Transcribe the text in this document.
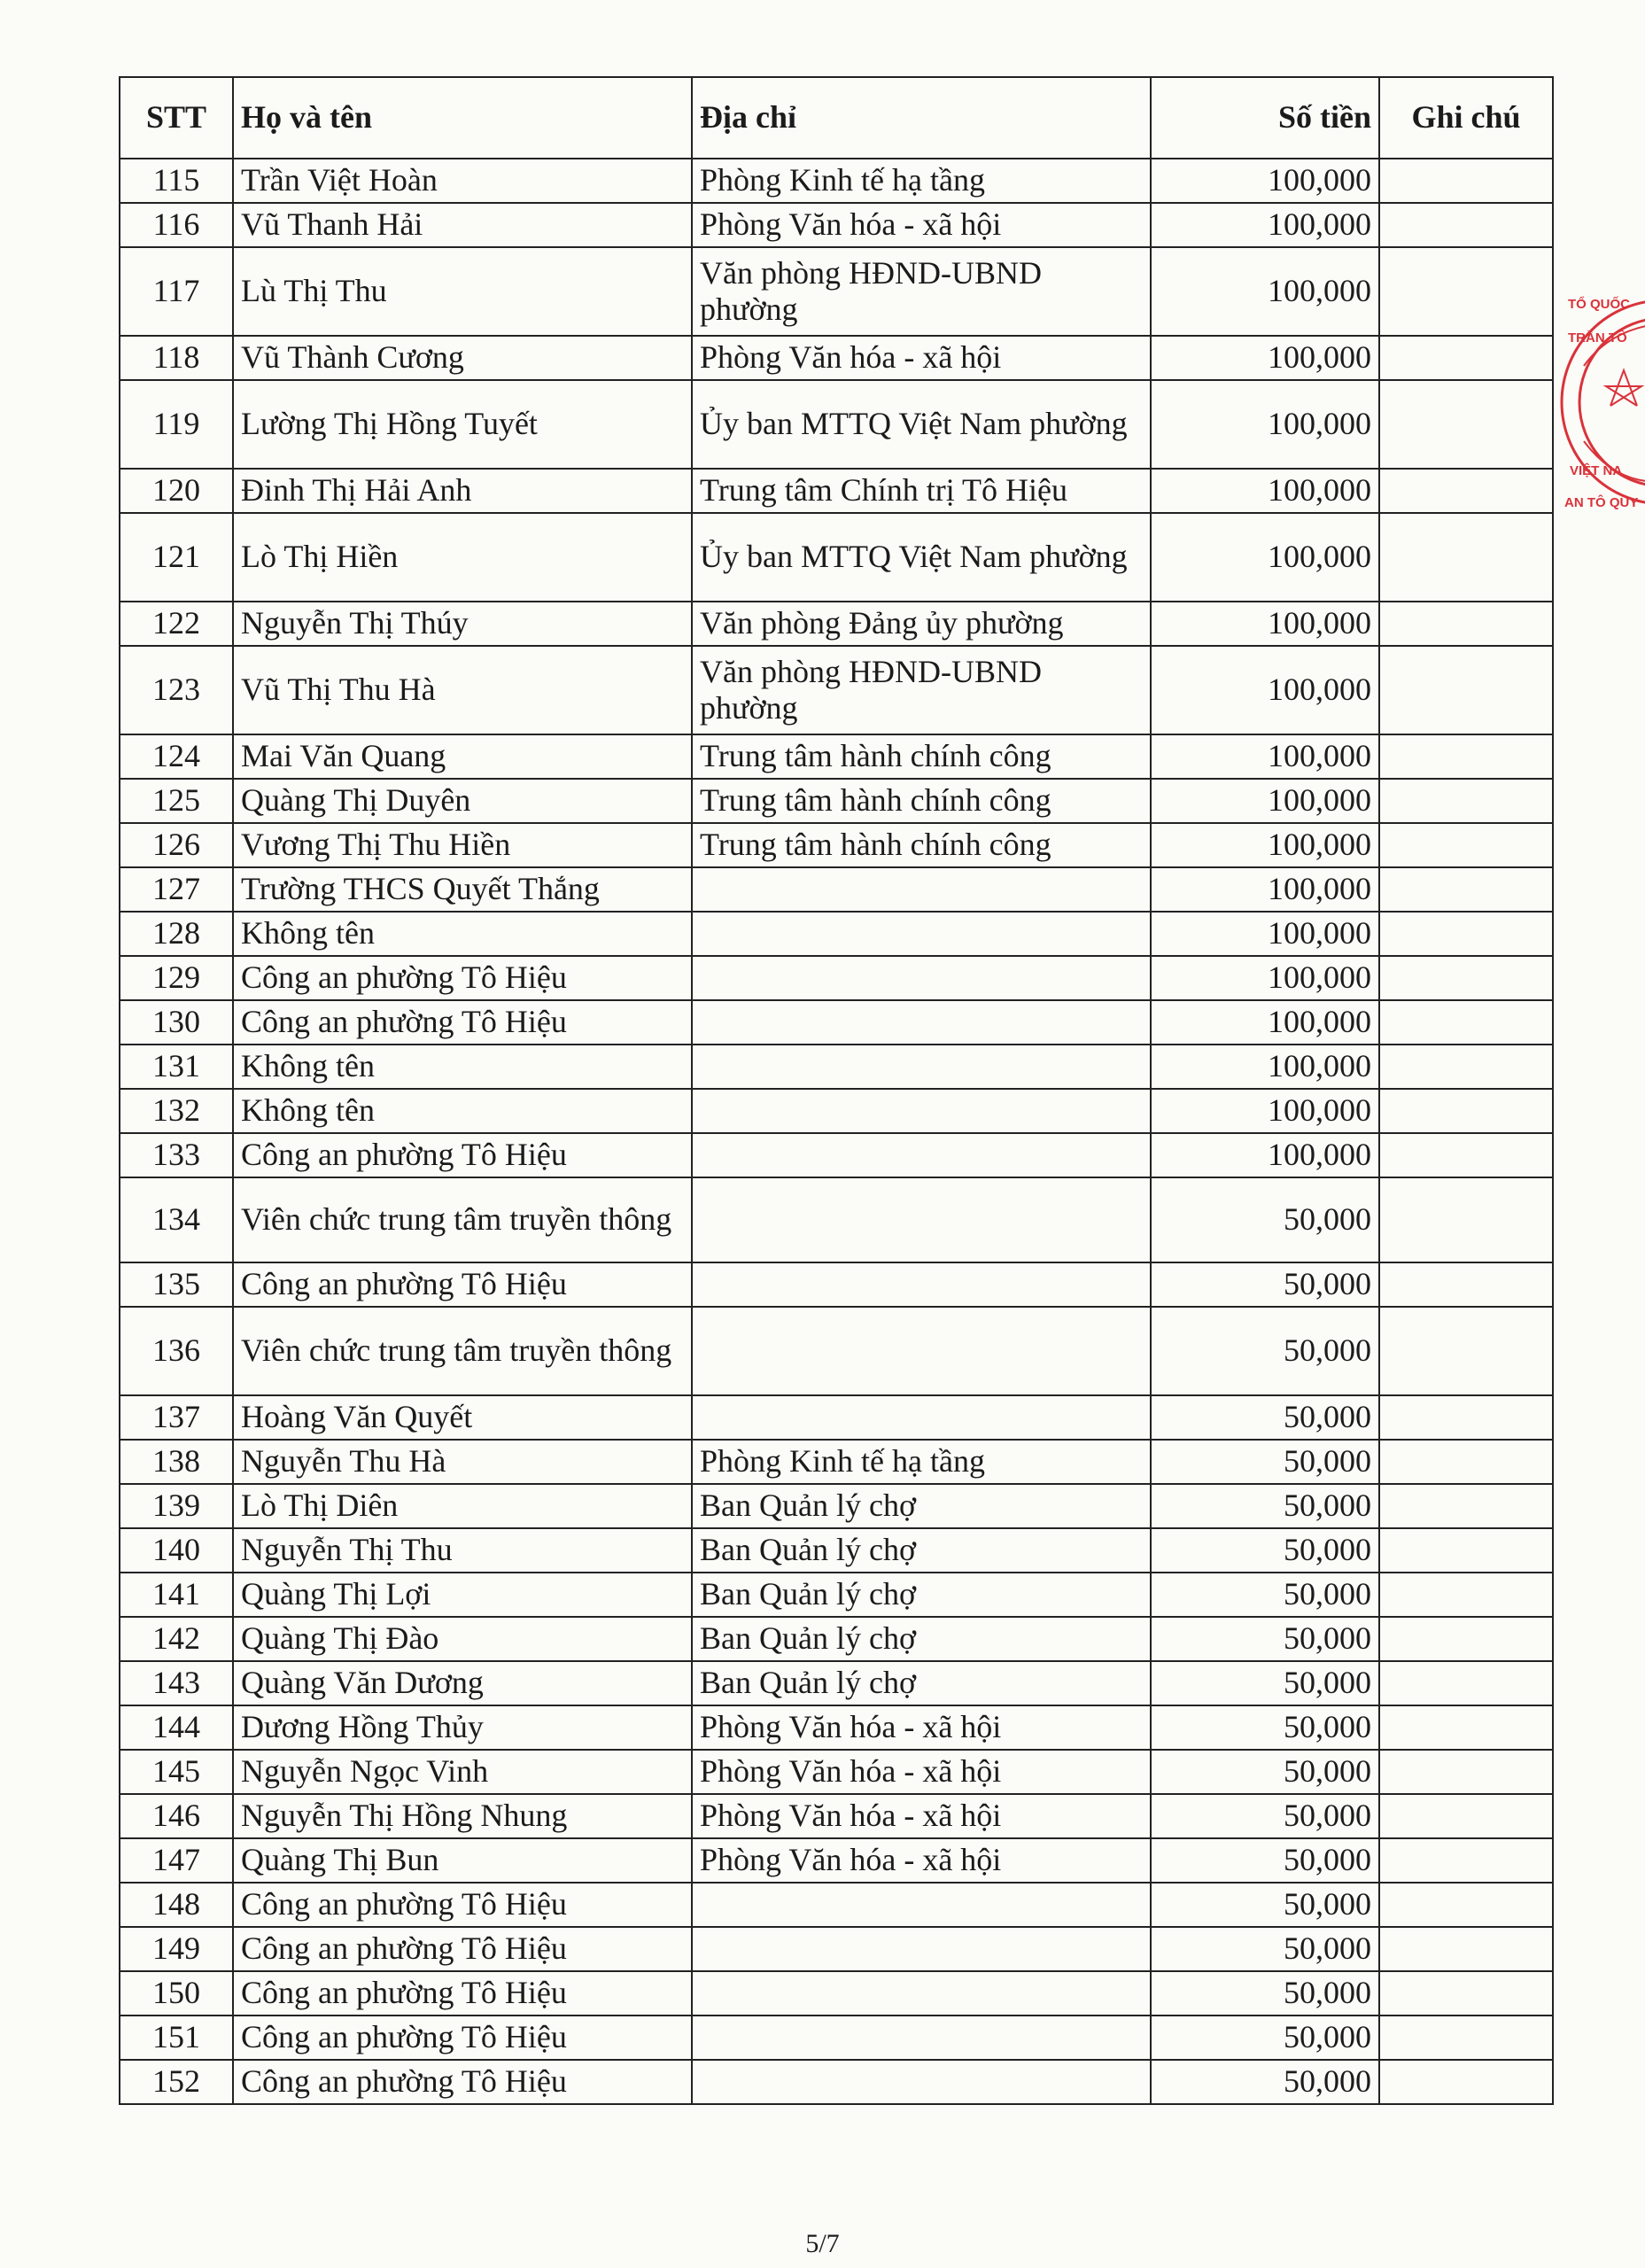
STT	Họ và tên	Địa chỉ	Số tiền	Ghi chú
115	Trần Việt Hoàn	Phòng Kinh tế hạ tầng	100,000	
116	Vũ Thanh Hải	Phòng Văn hóa - xã hội	100,000	
117	Lù Thị Thu	Văn phòng HĐND-UBND phường	100,000	
118	Vũ Thành Cương	Phòng Văn hóa - xã hội	100,000	
119	Lường Thị Hồng Tuyết	Ủy ban MTTQ Việt Nam phường	100,000	
120	Đinh Thị Hải Anh	Trung tâm Chính trị Tô Hiệu	100,000	
121	Lò Thị Hiền	Ủy ban MTTQ Việt Nam phường	100,000	
122	Nguyễn Thị Thúy	Văn phòng Đảng ủy phường	100,000	
123	Vũ Thị Thu Hà	Văn phòng HĐND-UBND phường	100,000	
124	Mai Văn Quang	Trung tâm hành chính công	100,000	
125	Quàng Thị Duyên	Trung tâm hành chính công	100,000	
126	Vương Thị Thu Hiền	Trung tâm hành chính công	100,000	
127	Trường THCS Quyết Thắng		100,000	
128	Không tên		100,000	
129	Công an phường Tô Hiệu		100,000	
130	Công an phường Tô Hiệu		100,000	
131	Không tên		100,000	
132	Không tên		100,000	
133	Công an phường Tô Hiệu		100,000	
134	Viên chức trung tâm truyền thông		50,000	
135	Công an phường Tô Hiệu		50,000	
136	Viên chức trung tâm truyền thông		50,000	
137	Hoàng Văn Quyết		50,000	
138	Nguyễn Thu Hà	Phòng Kinh tế hạ tầng	50,000	
139	Lò Thị Diên	Ban Quản lý chợ	50,000	
140	Nguyễn Thị Thu	Ban Quản lý chợ	50,000	
141	Quàng Thị Lợi	Ban Quản lý chợ	50,000	
142	Quàng Thị Đào	Ban Quản lý chợ	50,000	
143	Quàng Văn Dương	Ban Quản lý chợ	50,000	
144	Dương Hồng Thủy	Phòng Văn hóa - xã hội	50,000	
145	Nguyễn Ngọc Vinh	Phòng Văn hóa - xã hội	50,000	
146	Nguyễn Thị Hồng Nhung	Phòng Văn hóa - xã hội	50,000	
147	Quàng Thị Bun	Phòng Văn hóa - xã hội	50,000	
148	Công an phường Tô Hiệu		50,000	
149	Công an phường Tô Hiệu		50,000	
150	Công an phường Tô Hiệu		50,000	
151	Công an phường Tô Hiệu		50,000	
152	Công an phường Tô Hiệu		50,000	
TỔ QUỐC
TRẦN TÔ
VIỆT NA
AN TÔ QUY
5/7
